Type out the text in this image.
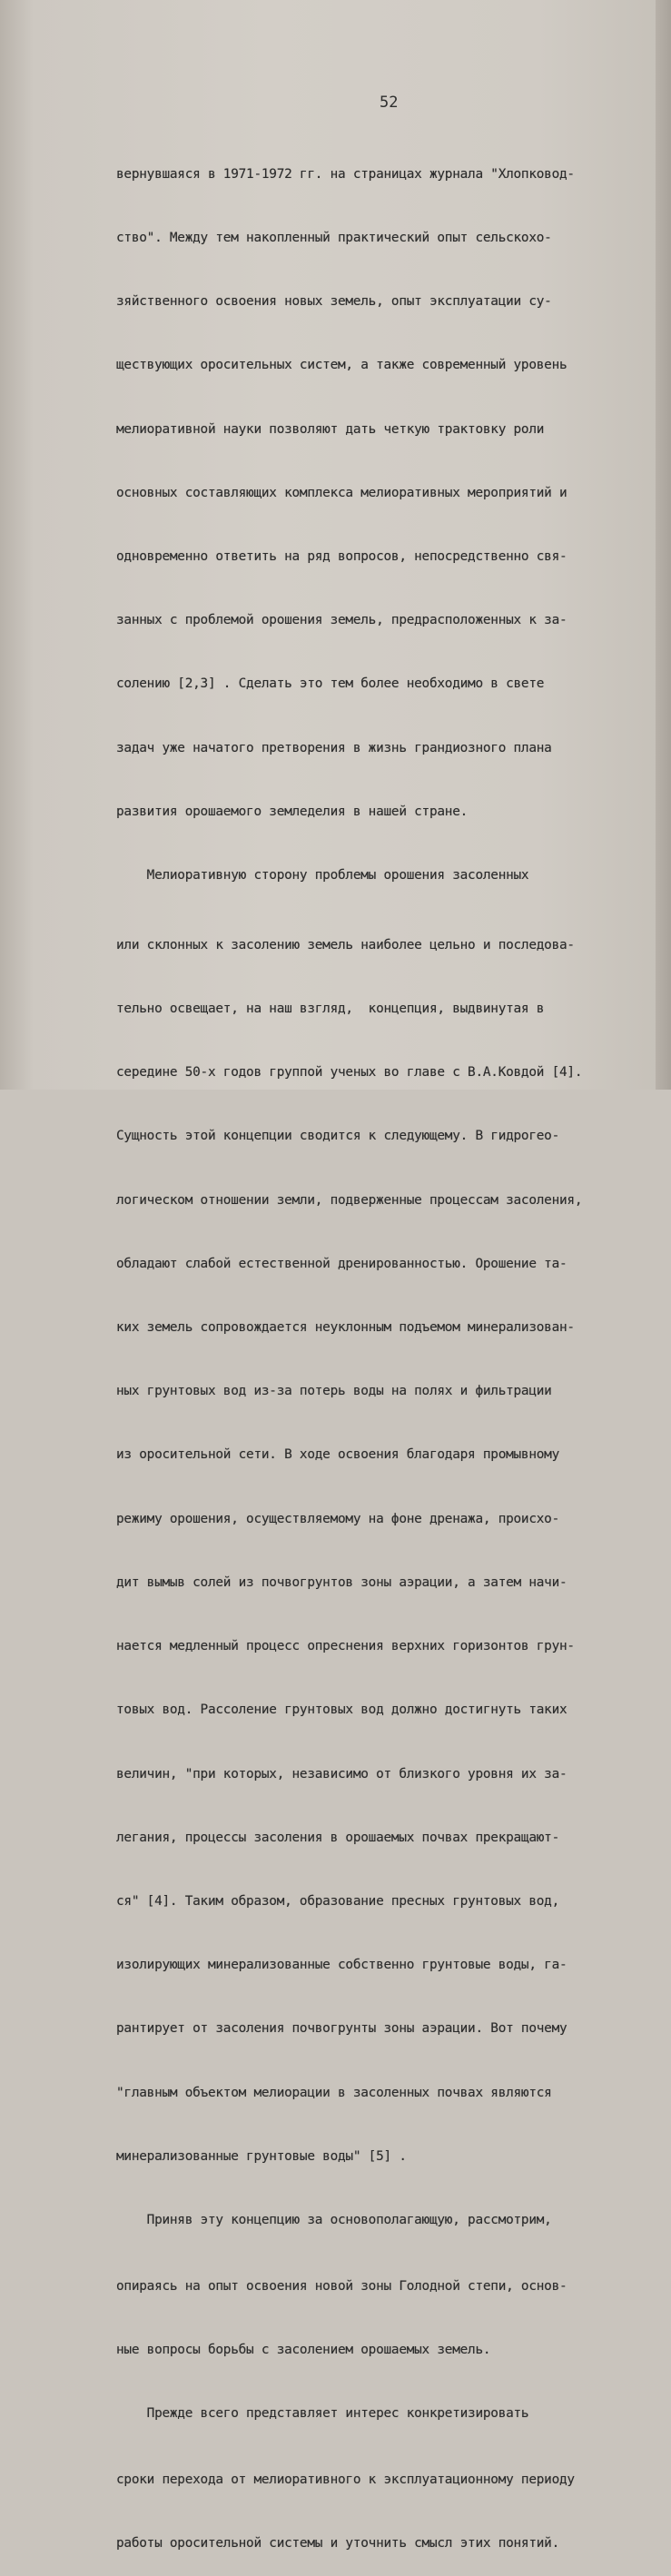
52

вернувшаяся в 1971-1972 гг. на страницах журнала "Хлопковод-

ство". Между тем накопленный практический опыт сельскохо-

зяйственного освоения новых земель, опыт эксплуатации су-

ществующих оросительных систем, а также современный уровень

мелиоративной науки позволяют дать четкую трактовку роли

основных составляющих комплекса мелиоративных мероприятий и

одновременно ответить на ряд вопросов, непосредственно свя-

занных с проблемой орошения земель, предрасположенных к за-

солению [2,3] . Сделать это тем более необходимо в свете

задач уже начатого претворения в жизнь грандиозного плана

развития орошаемого земледелия в нашей стране.

Мелиоративную сторону проблемы орошения засоленных

или склонных к засолению земель наиболее цельно и последова-

тельно освещает, на наш взгляд,  концепция, выдвинутая в

середине 50-х годов группой ученых во главе с В.А.Ковдой [4].

Сущность этой концепции сводится к следующему. В гидрогео-

логическом отношении земли, подверженные процессам засоления,

обладают слабой естественной дренированностью. Орошение та-

ких земель сопровождается неуклонным подъемом минерализован-

ных грунтовых вод из-за потерь воды на полях и фильтрации

из оросительной сети. В ходе освоения благодаря промывному

режиму орошения, осуществляемому на фоне дренажа, происхо-

дит вымыв солей из почвогрунтов зоны аэрации, а затем начи-

нается медленный процесс опреснения верхних горизонтов грун-

товых вод. Рассоление грунтовых вод должно достигнуть таких

величин, "при которых, независимо от близкого уровня их за-

легания, процессы засоления в орошаемых почвах прекращают-

ся" [4]. Таким образом, образование пресных грунтовых вод,

изолирующих минерализованные собственно грунтовые воды, га-

рантирует от засоления почвогрунты зоны аэрации. Вот почему

"главным объектом мелиорации в засоленных почвах являются

минерализованные грунтовые воды" [5] .

Приняв эту концепцию за основополагающую, рассмотрим,

опираясь на опыт освоения новой зоны Голодной степи, основ-

ные вопросы борьбы с засолением орошаемых земель.

Прежде всего представляет интерес конкретизировать

сроки перехода от мелиоративного к эксплуатационному периоду

работы оросительной системы и уточнить смысл этих понятий.
